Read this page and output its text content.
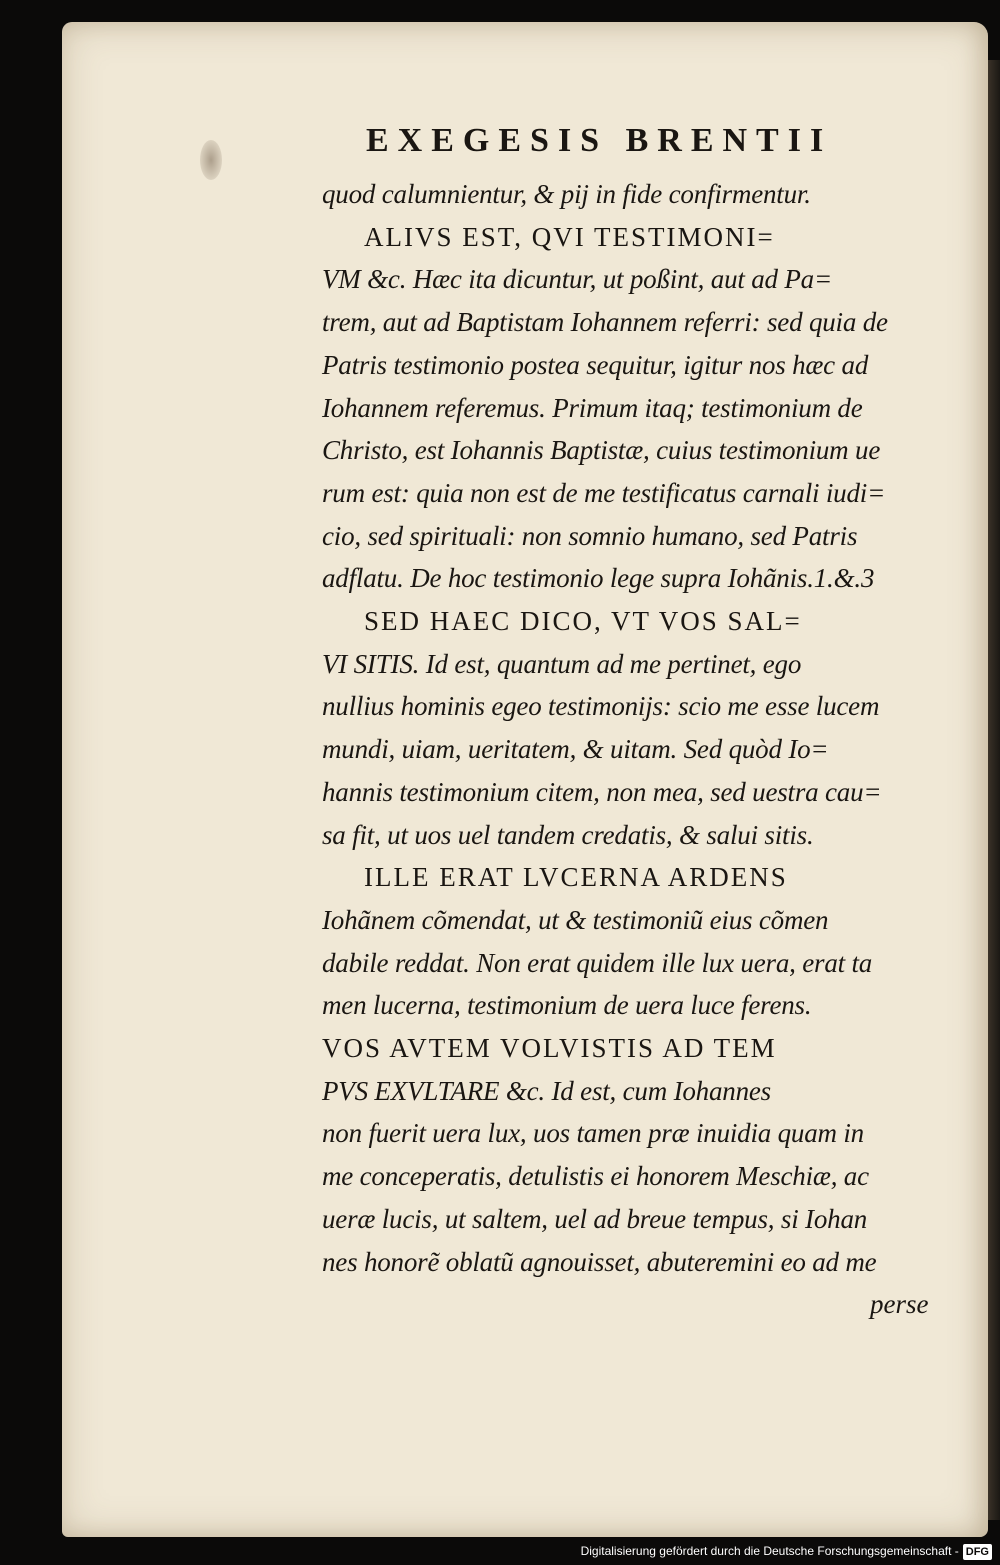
EXEGESIS BRENTII
quod calumnientur, & pij in fide confirmentur.
ALIVS EST, QVI TESTIMONI=
VM &c. Hæc ita dicuntur, ut poßint, aut ad Pa=
trem, aut ad Baptistam Iohannem referri: sed quia de
Patris testimonio postea sequitur, igitur nos hæc ad
Iohannem referemus. Primum itaq; testimonium de
Christo, est Iohannis Baptistæ, cuius testimonium ue
rum est: quia non est de me testificatus carnali iudi=
cio, sed spirituali: non somnio humano, sed Patris
adflatu. De hoc testimonio lege supra Iohãnis.1.&.3
SED HAEC DICO, VT VOS SAL=
VI SITIS. Id est, quantum ad me pertinet, ego
nullius hominis egeo testimonijs: scio me esse lucem
mundi, uiam, ueritatem, & uitam. Sed quòd Io=
hannis testimonium citem, non mea, sed uestra cau=
sa fit, ut uos uel tandem credatis, & salui sitis.
ILLE ERAT LVCERNA ARDENS
Iohãnem cõmendat, ut & testimoniũ eius cõmen
dabile reddat. Non erat quidem ille lux uera, erat ta
men lucerna, testimonium de uera luce ferens.
VOS AVTEM VOLVISTIS AD TEM
PVS EXVLTARE &c. Id est, cum Iohannes
non fuerit uera lux, uos tamen præ inuidia quam in
me conceperatis, detulistis ei honorem Meschiæ, ac
ueræ lucis, ut saltem, uel ad breue tempus, si Iohan
nes honorẽ oblatũ agnouisset, abuteremini eo ad me
perse
Digitalisierung gefördert durch die Deutsche Forschungsgemeinschaft - DFG
